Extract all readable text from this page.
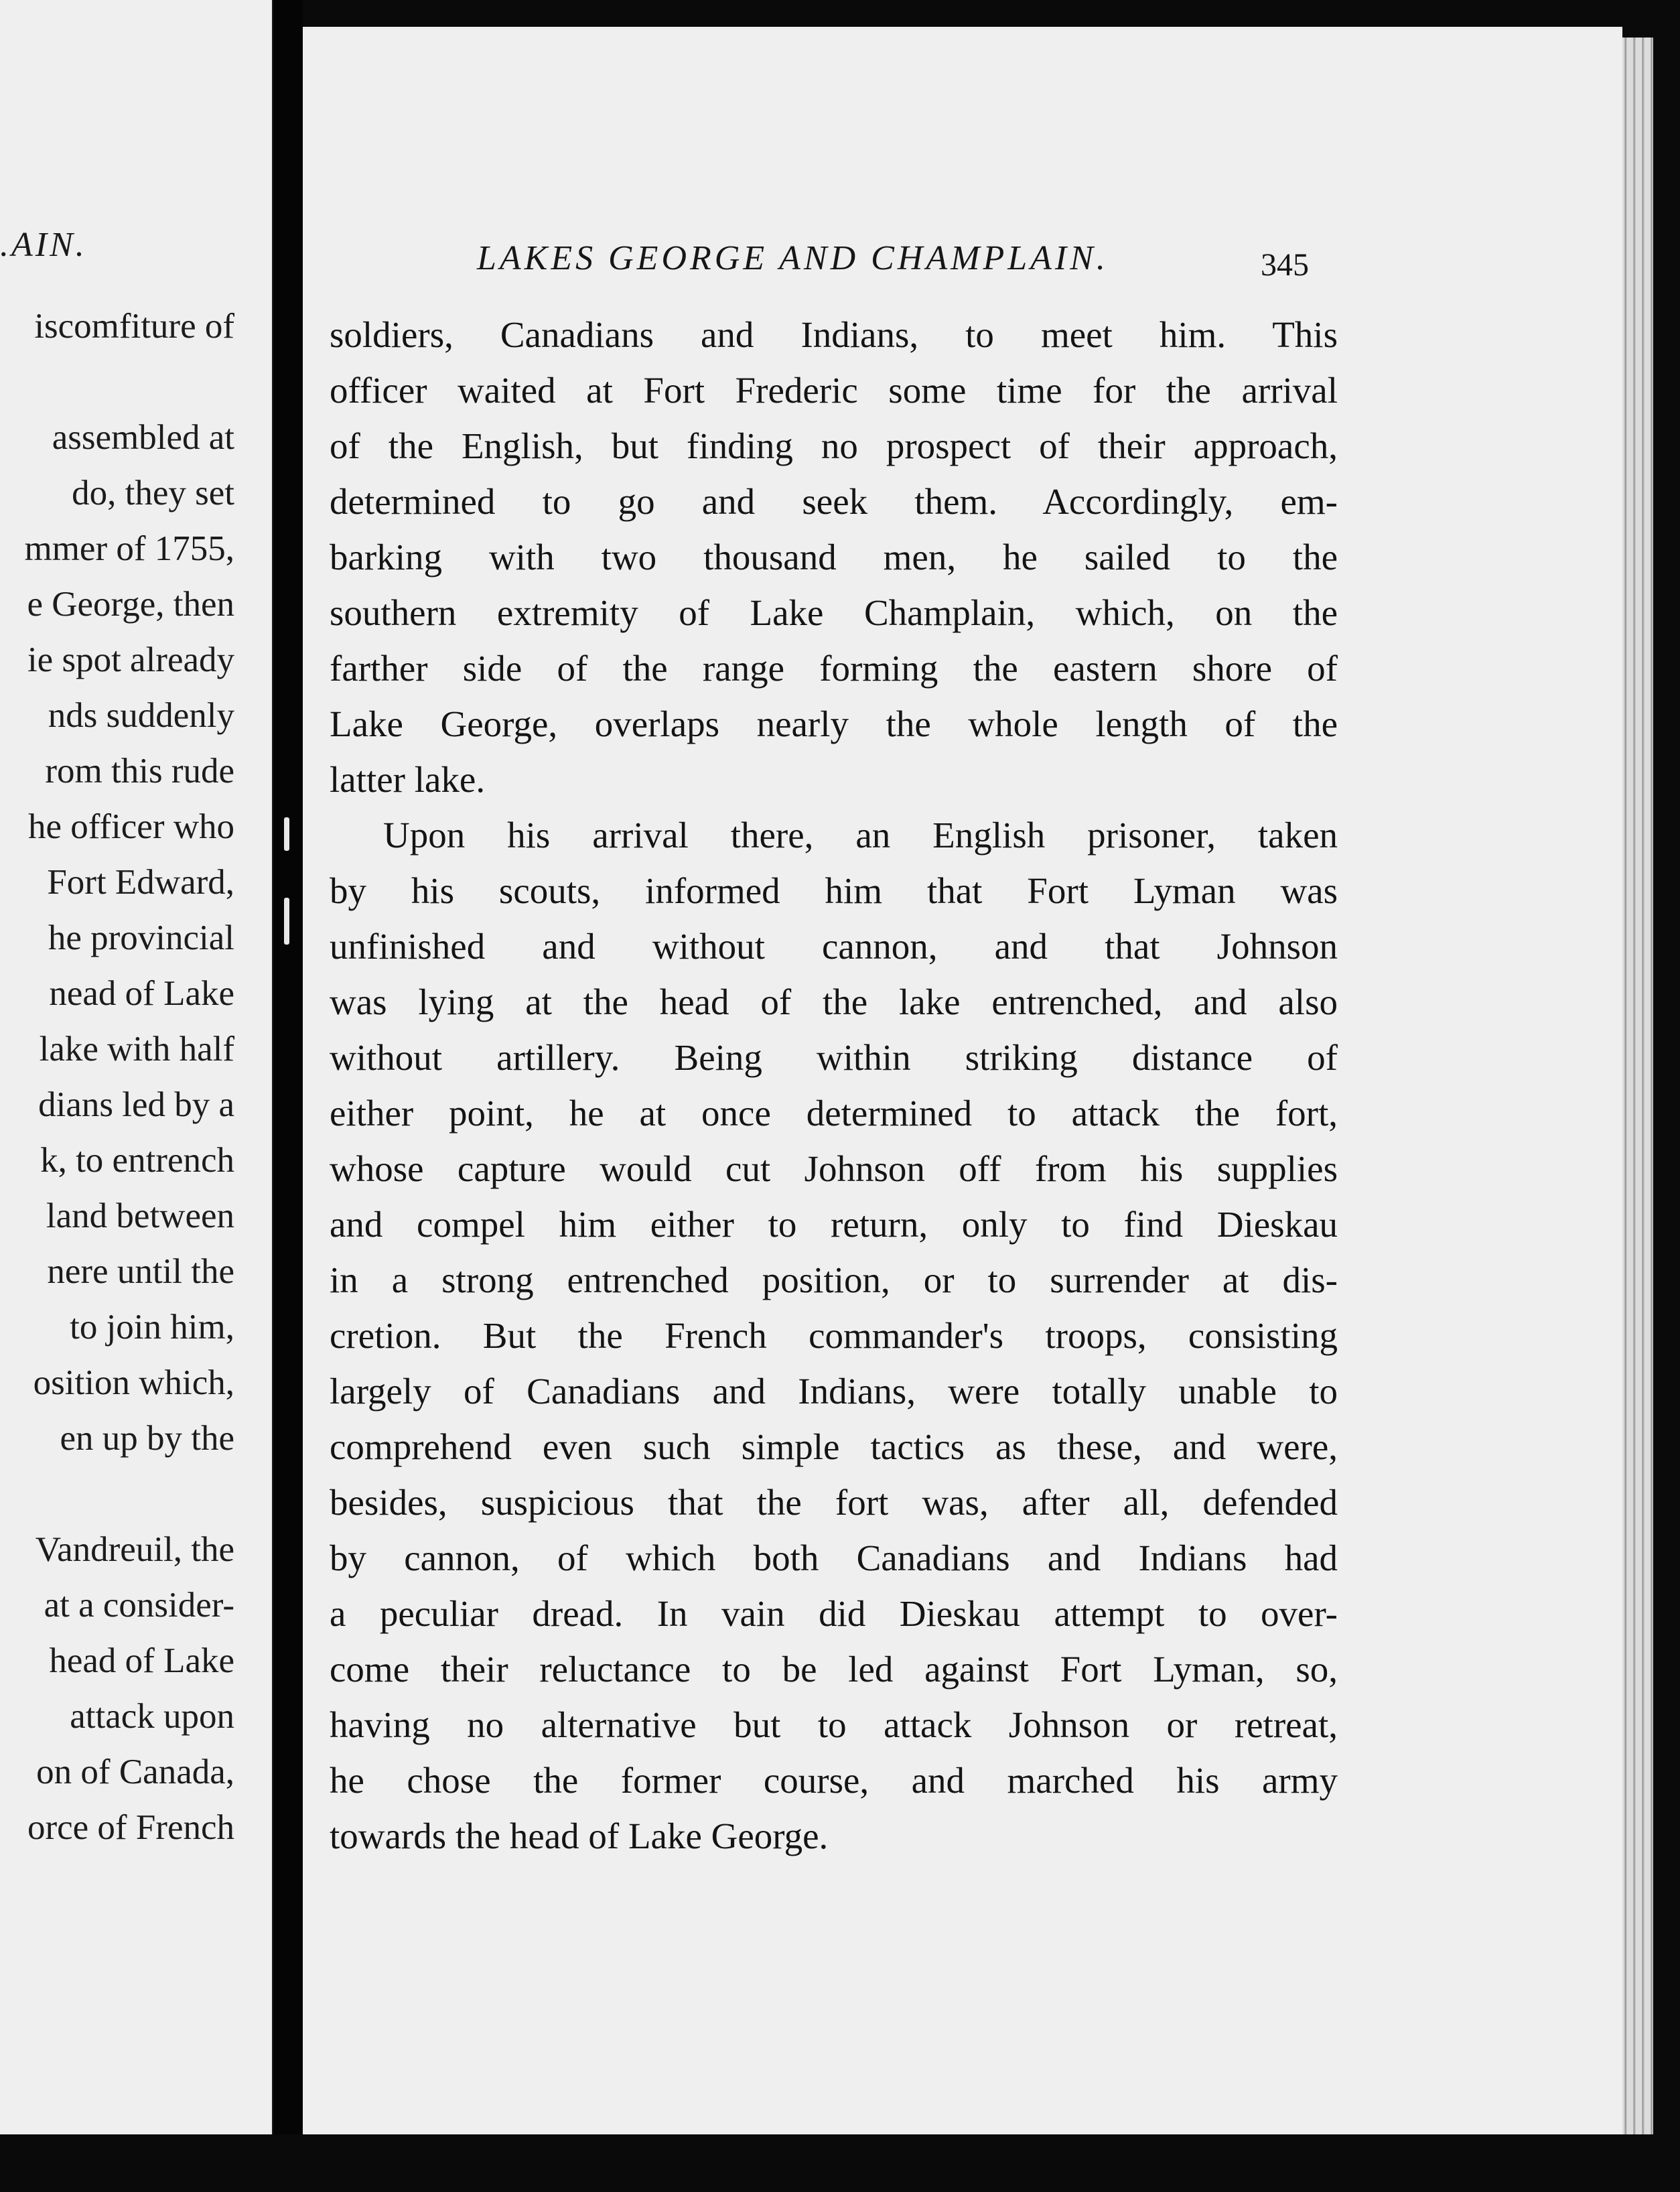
.AIN.
iscomfiture of
assembled at
do, they set
mmer of 1755,
e George, then
ie spot already
nds suddenly
rom this rude
he officer who
Fort Edward,
he provincial
nead of Lake
lake with half
dians led by a
k, to entrench
land between
nere until the
to join him,
osition which,
en up by the
Vandreuil, the
at a consider-
head of Lake
attack upon
on of Canada,
orce of French
LAKES GEORGE AND CHAMPLAIN.	345
soldiers, Canadians and Indians, to meet him. This
officer waited at Fort Frederic some time for the arrival
of the English, but finding no prospect of their approach,
determined to go and seek them. Accordingly, em-
barking with two thousand men, he sailed to the
southern extremity of Lake Champlain, which, on the
farther side of the range forming the eastern shore of
Lake George, overlaps nearly the whole length of the
latter lake.
Upon his arrival there, an English prisoner, taken
by his scouts, informed him that Fort Lyman was
unfinished and without cannon, and that Johnson
was lying at the head of the lake entrenched, and also
without artillery. Being within striking distance of
either point, he at once determined to attack the fort,
whose capture would cut Johnson off from his supplies
and compel him either to return, only to find Dieskau
in a strong entrenched position, or to surrender at dis-
cretion. But the French commander's troops, consisting
largely of Canadians and Indians, were totally unable to
comprehend even such simple tactics as these, and were,
besides, suspicious that the fort was, after all, defended
by cannon, of which both Canadians and Indians had
a peculiar dread. In vain did Dieskau attempt to over-
come their reluctance to be led against Fort Lyman, so,
having no alternative but to attack Johnson or retreat,
he chose the former course, and marched his army
towards the head of Lake George.
